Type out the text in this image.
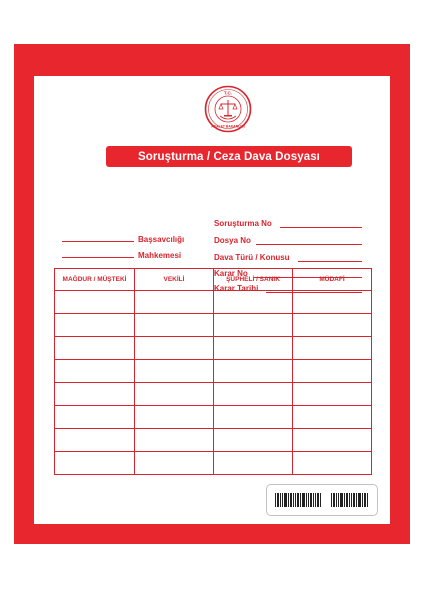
T.C.
ADALET BAKANLIGI
Soruşturma / Ceza Dava Dosyası
Başsavcılığı
Mahkemesi
Soruşturma No
Dosya No
Dava Türü / Konusu
Karar No
Karar Tarihi
MAĞDUR / MÜŞTEKİ	VEKİLİ	ŞÜPHELİ / SANIK	MÜDAFİ
